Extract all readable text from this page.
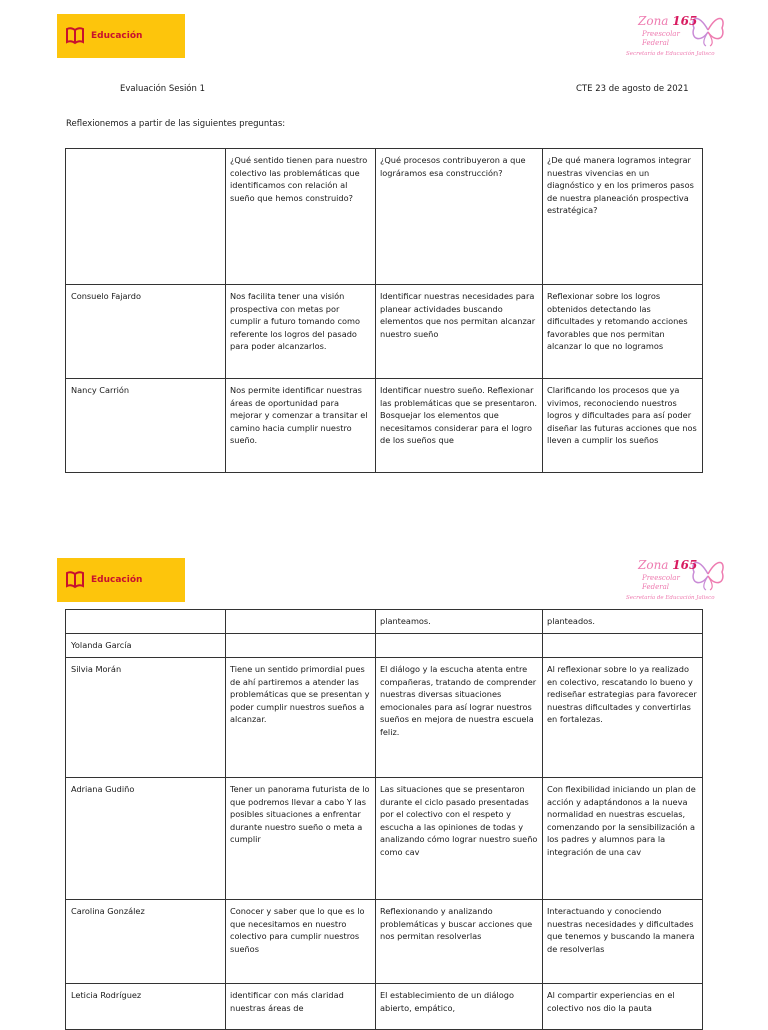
Educación
Zona 165
Preescolar
Federal
Secretaría de Educación Jalisco
Evaluación Sesión 1	CTE 23 de agosto de 2021
Reflexionemos a partir de las siguientes preguntas:
	¿Qué sentido tienen para nuestro colectivo las problemáticas que identificamos con relación al sueño que hemos construido?	¿Qué procesos contribuyeron a que lográramos esa construcción?	¿De qué manera logramos integrar nuestras vivencias en un diagnóstico y en los primeros pasos de nuestra planeación prospectiva estratégica?
Consuelo Fajardo	Nos facilita tener una visión prospectiva con metas por cumplir a futuro tomando como referente los logros del pasado para poder alcanzarlos.	Identificar nuestras necesidades para planear actividades buscando elementos que nos permitan alcanzar nuestro sueño	Reflexionar sobre los logros obtenidos detectando las dificultades y retomando acciones favorables que nos permitan alcanzar lo que no logramos
Nancy Carrión	Nos permite identificar nuestras áreas de oportunidad para mejorar y comenzar a transitar el camino hacia cumplir nuestro sueño.	Identificar nuestro sueño. Reflexionar las problemáticas que se presentaron. Bosquejar los elementos que necesitamos considerar para el logro de los sueños que	Clarificando los procesos que ya vivimos, reconociendo nuestros logros y dificultades para así poder diseñar las futuras acciones que nos lleven a cumplir los sueños
Educación
Zona 165
Preescolar
Federal
Secretaría de Educación Jalisco
		planteamos.	planteados.
Yolanda García			
Silvia Morán	Tiene un sentido primordial pues de ahí partiremos a atender las problemáticas que se presentan y poder cumplir nuestros sueños a alcanzar.	El diálogo y la escucha atenta entre compañeras, tratando de comprender nuestras diversas situaciones emocionales para así lograr nuestros sueños en mejora de nuestra escuela feliz.	Al reflexionar sobre lo ya realizado en colectivo, rescatando lo bueno y rediseñar estrategias para favorecer nuestras dificultades y convertirlas en fortalezas.
Adriana Gudiño	Tener un panorama futurista de lo que podremos llevar a cabo Y las posibles situaciones a enfrentar durante nuestro sueño o meta a cumplir	Las situaciones que se presentaron durante el ciclo pasado presentadas por el colectivo con el respeto y escucha a las opiniones de todas y analizando cómo lograr nuestro sueño como cav	Con flexibilidad iniciando un plan de acción y adaptándonos a la nueva normalidad en nuestras escuelas, comenzando por la sensibilización a los padres y alumnos para la integración de una cav
Carolina González	Conocer y saber que lo que es lo que necesitamos en nuestro colectivo para cumplir nuestros sueños	Reflexionando y analizando problemáticas y buscar acciones que nos permitan resolverlas	Interactuando y conociendo nuestras necesidades y dificultades que tenemos y buscando la manera de resolverlas
Leticia Rodríguez	identificar con más claridad nuestras áreas de	El establecimiento de un diálogo abierto, empático,	Al compartir experiencias en el colectivo nos dio la pauta
